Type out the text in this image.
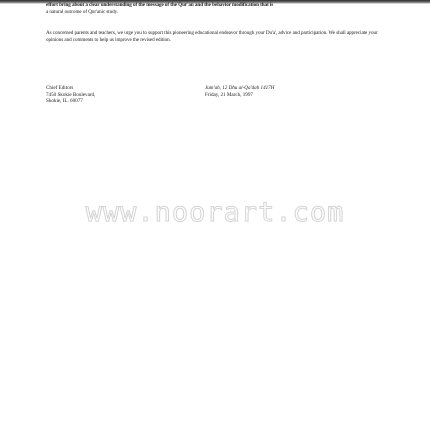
effort bring about a clear understanding of the message of the Qur'an and the behavior modification that is
a natural outcome of Qur'anic study.
As concerned parents and teachers, we urge you to support this pioneering educational endeavor through your Du'a', advice and participation. We shall appreciate your opinions and comments to help us improve the revised edition.
Chief Editors
7450 Skokie Boulevard,
Skokie, IL. 60077
Jum'ah, 12 Dhu al-Qa'dah 1417H
Friday, 21 March, 1997
www.noorart.com
